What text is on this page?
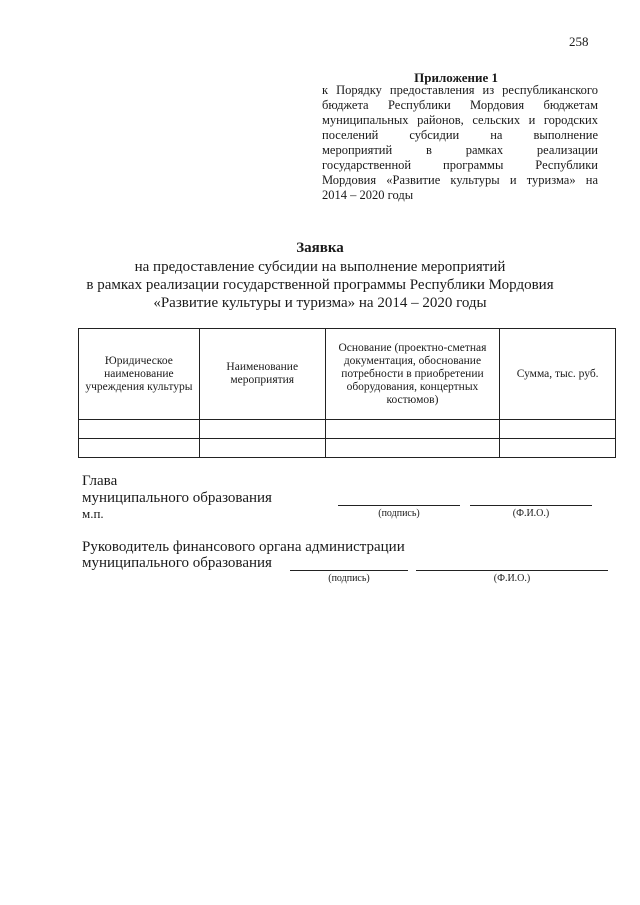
258
Приложение 1
к Порядку предоставления из республиканского
бюджета Республики Мордовия бюджетам
муниципальных районов, сельских и городских
поселений субсидии на выполнение
мероприятий в рамках реализации
государственной программы Республики
Мордовия «Развитие культуры и туризма» на
2014 – 2020 годы
Заявка
на предоставление субсидии на выполнение мероприятий
в рамках реализации государственной программы Республики Мордовия
«Развитие культуры и туризма» на 2014 – 2020 годы
Юридическое наименование учреждения культуры	Наименование мероприятия	Основание (проектно-сметная документация, обоснование потребности в приобретении оборудования, концертных костюмов)	Сумма, тыс. руб.

Глава
муниципального образования
м.п.	(подпись)	(Ф.И.О.)
Руководитель финансового органа администрации
муниципального образования
(подпись)	(Ф.И.О.)
